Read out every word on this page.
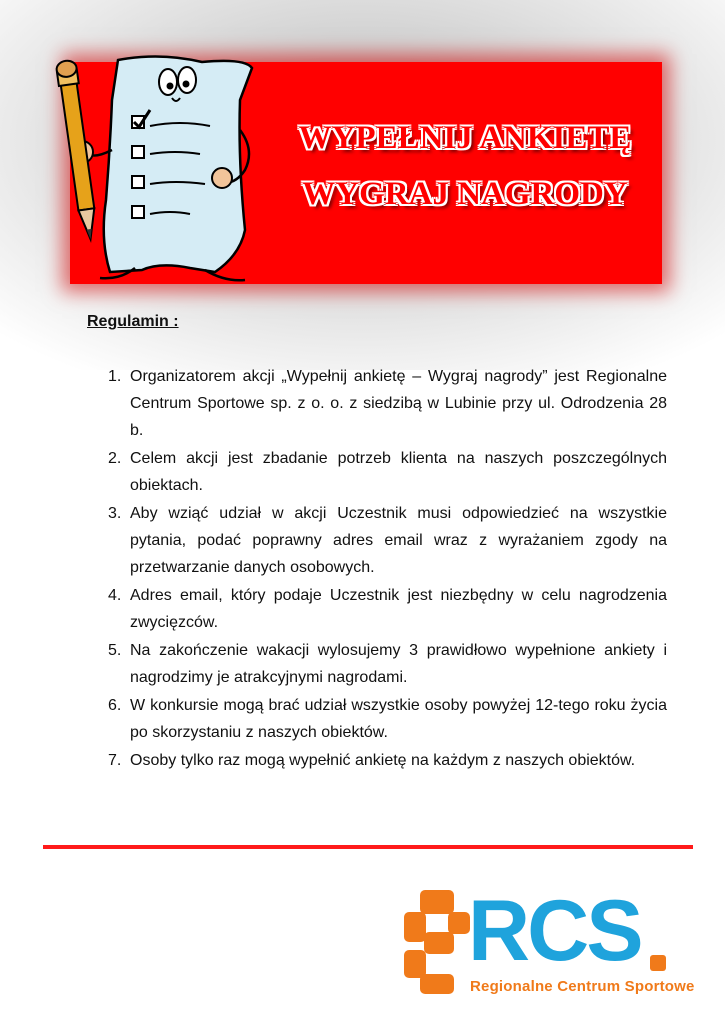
WYPEŁNIJ ANKIETĘ
WYGRAJ NAGRODY
Regulamin :
1. Organizatorem akcji „Wypełnij ankietę – Wygraj nagrody” jest Regionalne Centrum Sportowe sp. z o. o. z siedzibą w Lubinie przy ul. Odrodzenia 28 b.
2. Celem akcji jest zbadanie potrzeb klienta na naszych poszczególnych obiektach.
3. Aby wziąć udział w akcji Uczestnik musi odpowiedzieć na wszystkie pytania, podać poprawny adres email wraz z wyrażaniem zgody na przetwarzanie danych osobowych.
4. Adres email, który podaje Uczestnik jest niezbędny w celu nagrodzenia zwycięzców.
5. Na zakończenie wakacji wylosujemy 3 prawidłowo wypełnione ankiety i nagrodzimy je atrakcyjnymi nagrodami.
6. W konkursie mogą brać udział wszystkie osoby powyżej 12-tego roku życia po skorzystaniu z naszych obiektów.
7. Osoby tylko raz mogą wypełnić ankietę na każdym z naszych obiektów.
RCS
Regionalne Centrum Sportowe
